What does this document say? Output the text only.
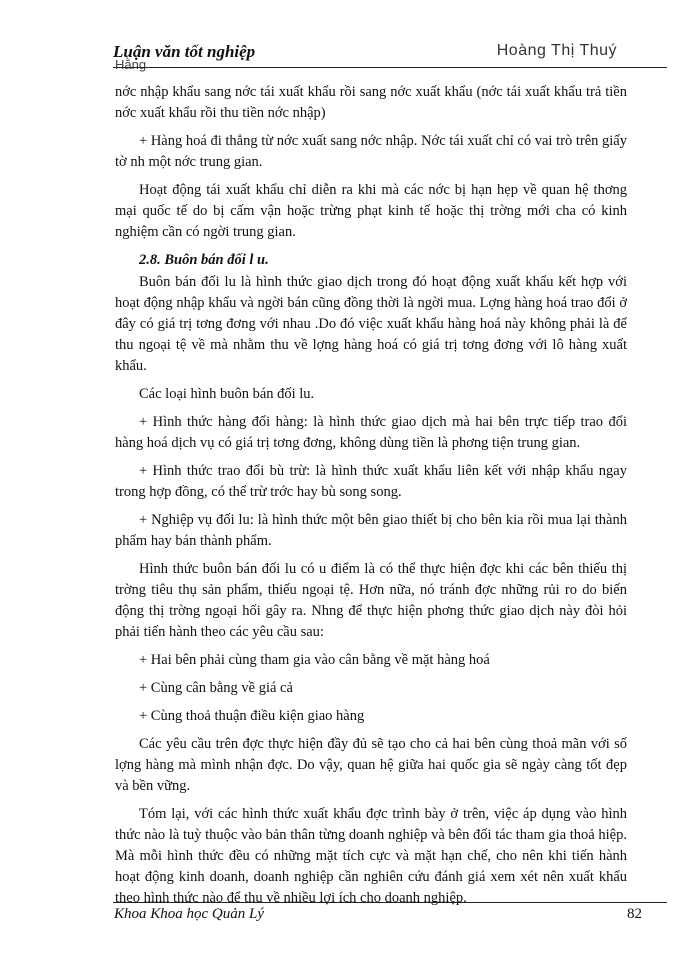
Luận văn tốt nghiệp	Hoàng Thị Thuý
Hằng

nớc nhập khẩu sang nớc tái xuất khẩu rồi sang nớc xuất khẩu (nớc tái xuất khẩu trả tiền nớc xuất khẩu rồi thu tiền nớc nhập)

+ Hàng hoá đi thẳng từ nớc xuất sang nớc nhập. Nớc tái xuất chỉ có vai trò trên giấy tờ nh một nớc trung gian.

Hoạt động tái xuất khẩu chỉ diễn ra khi mà các nớc bị hạn hẹp về quan hệ thơng mại quốc tế do bị cấm vận hoặc trừng phạt kinh tế hoặc thị trờng mới cha có kinh nghiệm cần có ngời trung gian.

2.8. Buôn bán đối l u.

Buôn bán đối lu là hình thức giao dịch trong đó hoạt động xuất khẩu kết hợp với hoạt động nhập khẩu và ngời bán cũng đồng thời là ngời mua. Lợng hàng hoá trao đổi ở đây có giá trị tơng đơng với nhau .Do đó việc xuất khẩu hàng hoá này không phải là để thu ngoại tệ về mà nhằm thu về lợng hàng hoá có giá trị tơng đơng với lô hàng xuất khẩu.

Các loại hình buôn bán đối lu.

+ Hình thức hàng đổi hàng: là hình thức giao dịch mà hai bên trực tiếp trao đổi hàng hoá dịch vụ có giá trị tơng đơng, không dùng tiền là phơng tiện trung gian.

+ Hình thức trao đổi bù trừ: là hình thức xuất khẩu liên kết với nhập khẩu ngay trong hợp đồng, có thể trừ trớc hay bù song song.

+ Nghiệp vụ đối lu: là hình thức một bên giao thiết bị cho bên kia rồi mua lại thành phẩm hay bán thành phẩm.

Hình thức buôn bán đối lu có u điểm là có thể thực hiện đợc khi các bên thiếu thị trờng tiêu thụ sản phẩm, thiếu ngoại tệ. Hơn nữa, nó tránh đợc những rủi ro do biến động thị trờng ngoại hối gây ra. Nhng để thực hiện phơng thức giao dịch này đòi hỏi phải tiến hành theo các yêu cầu sau:

+ Hai bên phải cùng tham gia vào cân bằng về mặt hàng hoá

+ Cùng cân bằng về giá cả

+ Cùng thoả thuận điều kiện giao hàng

Các yêu cầu trên đợc thực hiện đầy đủ sẽ tạo cho cả hai bên cùng thoả mãn với số lợng hàng mà mình nhận đợc. Do vậy, quan hệ giữa hai quốc gia sẽ ngày càng tốt đẹp và bền vững.

Tóm lại, với các hình thức xuất khẩu đợc trình bày ở trên, việc áp dụng vào hình thức nào là tuỳ thuộc vào bản thân từng doanh nghiệp và bên đối tác tham gia thoả hiệp. Mà mỗi hình thức đều có những mặt tích cực và mặt hạn chế, cho nên khi tiến hành hoạt động kinh doanh, doanh nghiệp cần nghiên cứu đánh giá xem xét nên xuất khẩu theo hình thức nào để thu về nhiều lợi ích cho doanh nghiệp.

Khoa Khoa học Quản Lý	82
